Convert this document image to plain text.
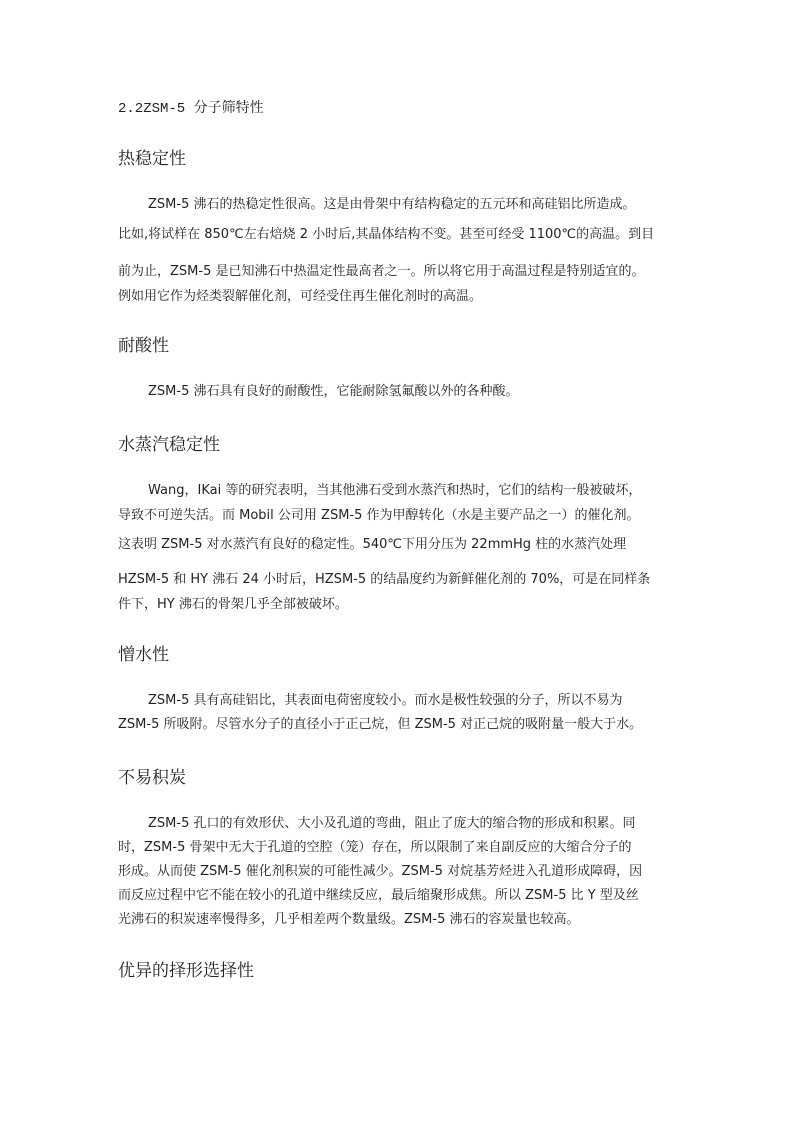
2.2ZSM-5 分子筛特性
热稳定性
ZSM-5 沸石的热稳定性很高。这是由骨架中有结构稳定的五元环和高硅铝比所造成。
比如,将试样在 850℃左右焙烧 2 小时后,其晶体结构不变。甚至可经受 1100℃的高温。到目
前为止，ZSM-5 是已知沸石中热温定性最高者之一。所以将它用于高温过程是特别适宜的。
例如用它作为烃类裂解催化剂，可经受住再生催化剂时的高温。
耐酸性
ZSM-5 沸石具有良好的耐酸性，它能耐除氢氟酸以外的各种酸。
水蒸汽稳定性
Wang，IKai 等的研究表明，当其他沸石受到水蒸汽和热时，它们的结构一般被破坏，
导致不可逆失活。而 Mobil 公司用 ZSM-5 作为甲醇转化（水是主要产品之一）的催化剂。
这表明 ZSM-5 对水蒸汽有良好的稳定性。540℃下用分压为 22mmHg 柱的水蒸汽处理
HZSM-5 和 HY 沸石 24 小时后，HZSM-5 的结晶度约为新鲜催化剂的 70%，可是在同样条
件下，HY 沸石的骨架几乎全部被破坏。
憎水性
ZSM-5 具有高硅铝比，其表面电荷密度较小。而水是极性较强的分子，所以不易为
ZSM-5 所吸附。尽管水分子的直径小于正己烷，但 ZSM-5 对正己烷的吸附量一般大于水。
不易积炭
ZSM-5 孔口的有效形伏、大小及孔道的弯曲，阻止了庞大的缩合物的形成和积累。同
时，ZSM-5 骨架中无大于孔道的空腔（笼）存在，所以限制了来自副反应的大缩合分子的
形成。从而使 ZSM-5 催化剂积炭的可能性减少。ZSM-5 对烷基芳烃进入孔道形成障碍，因
而反应过程中它不能在较小的孔道中继续反应，最后缩聚形成焦。所以 ZSM-5 比 Y 型及丝
光沸石的积炭速率慢得多，几乎相差两个数量级。ZSM-5 沸石的容炭量也较高。
优异的择形选择性
